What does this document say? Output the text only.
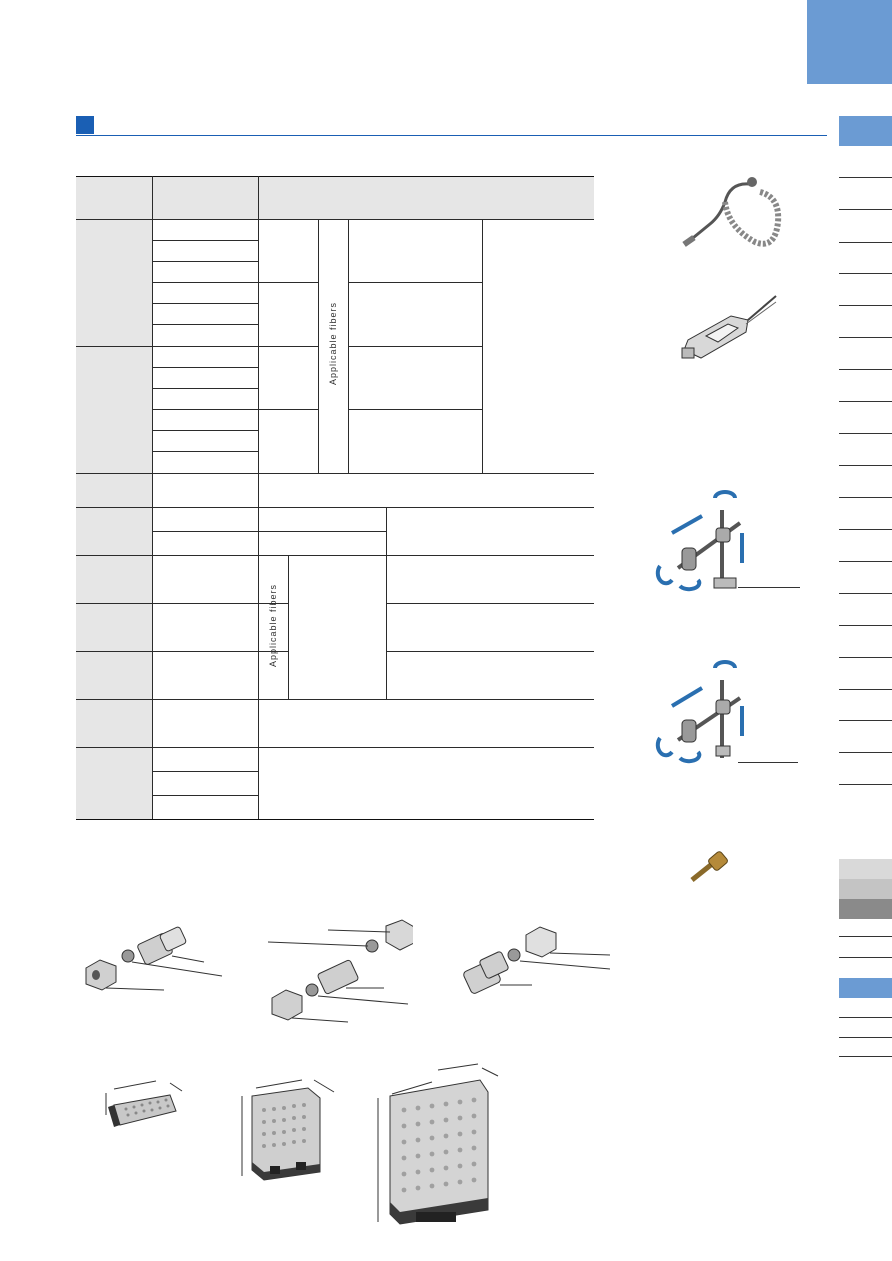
Applicable fibers
Applicable fibers
